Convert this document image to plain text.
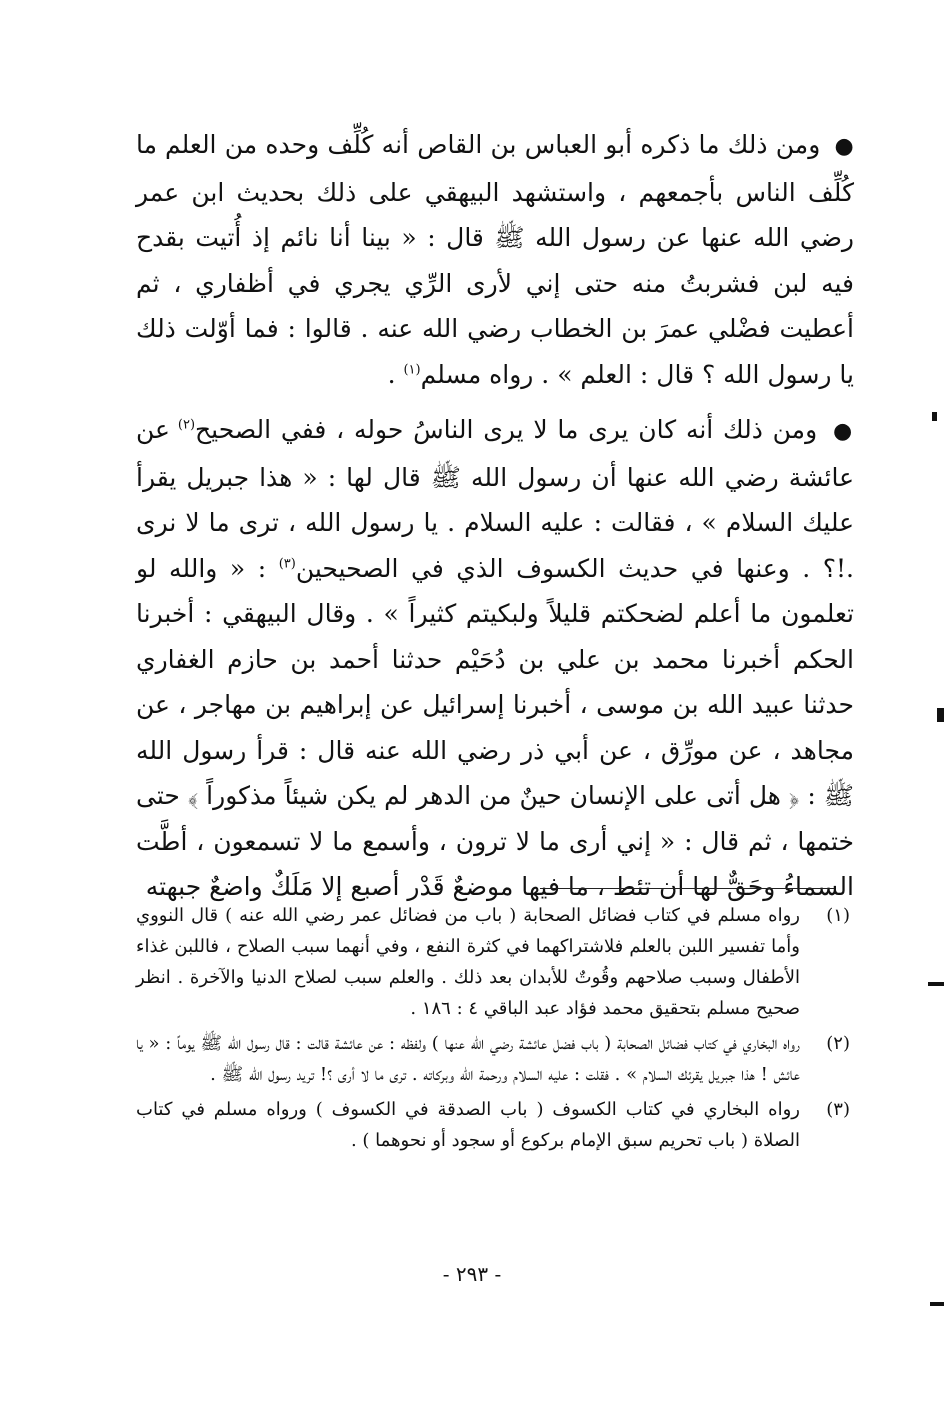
● ومن ذلك ما ذكره أبو العباس بن القاص أنه كُلِّف وحده من العلم ما كُلِّف الناس بأجمعهم ، واستشهد البيهقي على ذلك بحديث ابن عمر رضي الله عنها عن رسول الله ﷺ قال : « بينا أنا نائم إذ أُتيت بقدح فيه لبن فشربتُ منه حتى إني لأرى الرِّي يجري في أظفاري ، ثم أعطيت فضْلي عمرَ بن الخطاب رضي الله عنه . قالوا : فما أوّلت ذلك يا رسول الله ؟ قال : العلم » . رواه مسلم$^{(١)}$ .

● ومن ذلك أنه كان يرى ما لا يرى الناسُ حوله ، ففي الصحيح$^{(٢)}$ عن عائشة رضي الله عنها أن رسول الله ﷺ قال لها : « هذا جبريل يقرأ عليك السلام » ، فقالت : عليه السلام . يا رسول الله ، ترى ما لا نرى .!؟ . وعنها في حديث الكسوف الذي في الصحيحين$^{(٣)}$ : « والله لو تعلمون ما أعلم لضحكتم قليلاً ولبكيتم كثيراً » . وقال البيهقي : أخبرنا الحكم أخبرنا محمد بن علي بن دُحَيْم حدثنا أحمد بن حازم الغفاري حدثنا عبيد الله بن موسى ، أخبرنا إسرائيل عن إبراهيم بن مهاجر ، عن مجاهد ، عن مورِّق ، عن أبي ذر رضي الله عنه قال : قرأ رسول الله ﷺ : ﴿ هل أتى على الإنسان حينٌ من الدهر لم يكن شيئاً مذكوراً ﴾ حتى ختمها ، ثم قال : « إني أرى ما لا ترون ، وأسمع ما لا تسمعون ، أطَّت السماءُ وحَقٌّ لها أن تئط ، ما فيها موضعٌ قَدْر أصبع إلا مَلَكٌ واضعٌ جبهته

(١)
رواه مسلم في كتاب فضائل الصحابة ( باب من فضائل عمر رضي الله عنه ) قال النووي وأما تفسير اللبن بالعلم فلاشتراكهما في كثرة النفع ، وفي أنهما سبب الصلاح ، فاللبن غذاء الأطفال وسبب صلاحهم وقُوتٌ للأبدان بعد ذلك . والعلم سبب لصلاح الدنيا والآخرة . انظر صحيح مسلم بتحقيق محمد فؤاد عبد الباقي ٤ : ١٨٦ .
(٢)
رواه البخاري في كتاب فضائل الصحابة ( باب فضل عائشة رضي الله عنها ) ولفظه : عن عائشة قالت : قال رسول الله ﷺ يوماً : « يا عائش ! هذا جبريل يقرئك السلام » . فقلت : عليه السلام ورحمة الله وبركاته . ترى ما لا أرى ؟! تريد رسول الله ﷺ .
(٣)
رواه البخاري في كتاب الكسوف ( باب الصدقة في الكسوف ) ورواه مسلم في كتاب الصلاة ( باب تحريم سبق الإمام بركوع أو سجود أو نحوهما ) .
- ٢٩٣ -
